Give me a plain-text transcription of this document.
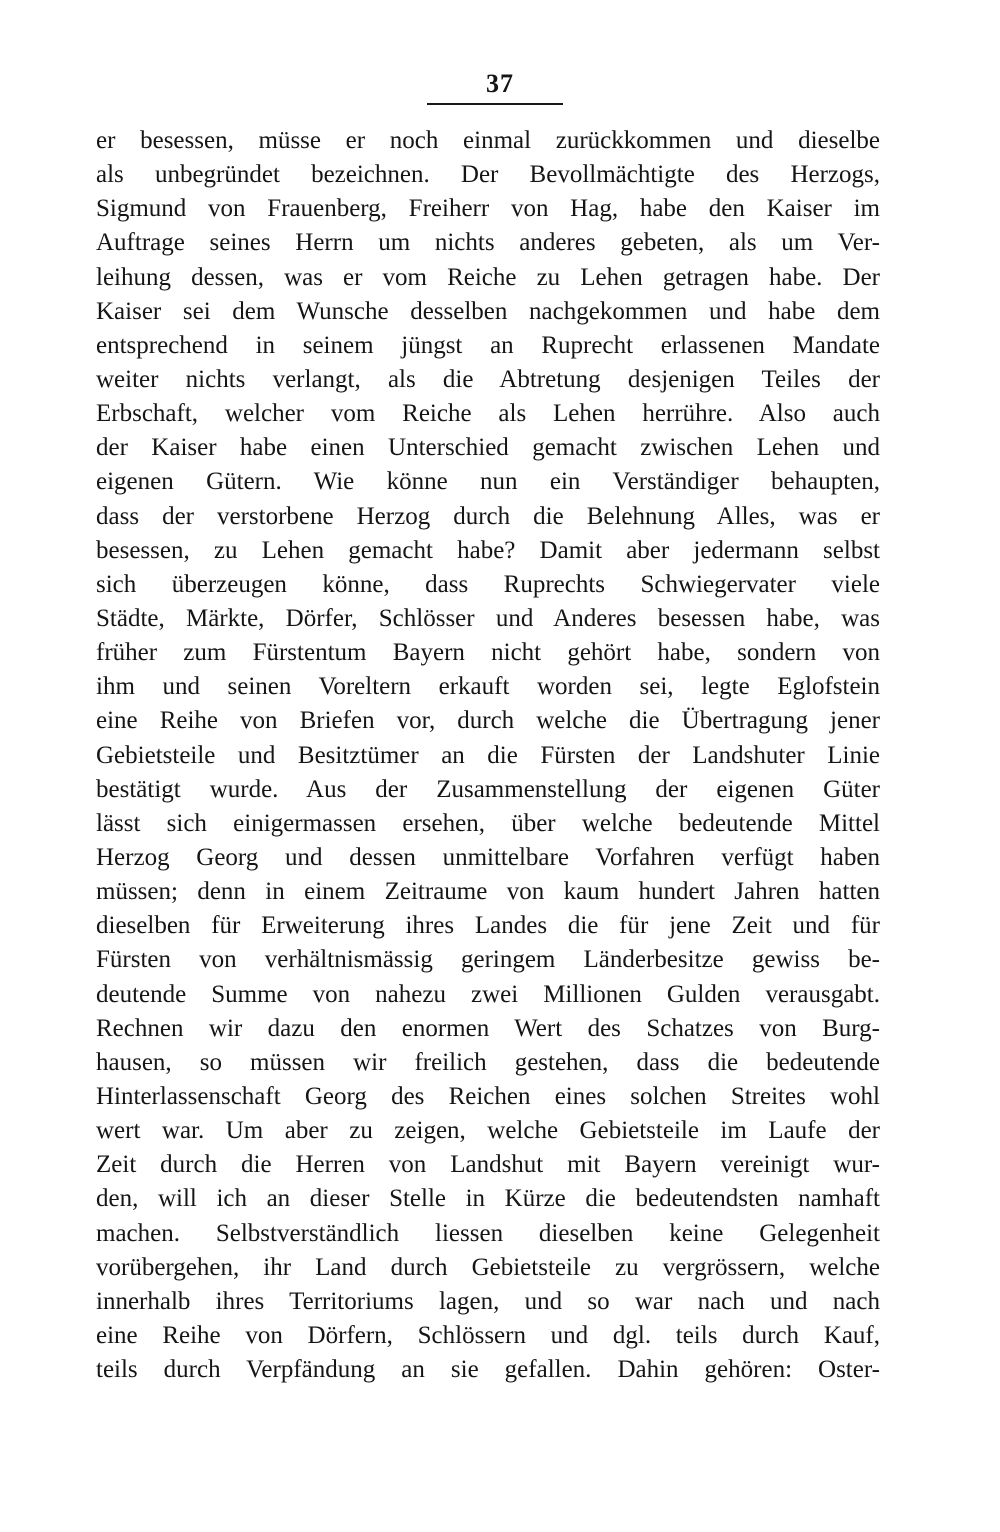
37
er besessen, müsse er noch einmal zurückkommen und dieselbe
als unbegründet bezeichnen. Der Bevollmächtigte des Herzogs,
Sigmund von Frauenberg, Freiherr von Hag, habe den Kaiser im
Auftrage seines Herrn um nichts anderes gebeten, als um Ver-
leihung dessen, was er vom Reiche zu Lehen getragen habe. Der
Kaiser sei dem Wunsche desselben nachgekommen und habe dem
entsprechend in seinem jüngst an Ruprecht erlassenen Mandate
weiter nichts verlangt, als die Abtretung desjenigen Teiles der
Erbschaft, welcher vom Reiche als Lehen herrühre. Also auch
der Kaiser habe einen Unterschied gemacht zwischen Lehen und
eigenen Gütern. Wie könne nun ein Verständiger behaupten,
dass der verstorbene Herzog durch die Belehnung Alles, was er
besessen, zu Lehen gemacht habe? Damit aber jedermann selbst
sich überzeugen könne, dass Ruprechts Schwiegervater viele
Städte, Märkte, Dörfer, Schlösser und Anderes besessen habe, was
früher zum Fürstentum Bayern nicht gehört habe, sondern von
ihm und seinen Voreltern erkauft worden sei, legte Eglofstein
eine Reihe von Briefen vor, durch welche die Übertragung jener
Gebietsteile und Besitztümer an die Fürsten der Landshuter Linie
bestätigt wurde. Aus der Zusammenstellung der eigenen Güter
lässt sich einigermassen ersehen, über welche bedeutende Mittel
Herzog Georg und dessen unmittelbare Vorfahren verfügt haben
müssen; denn in einem Zeitraume von kaum hundert Jahren hatten
dieselben für Erweiterung ihres Landes die für jene Zeit und für
Fürsten von verhältnismässig geringem Länderbesitze gewiss be-
deutende Summe von nahezu zwei Millionen Gulden verausgabt.
Rechnen wir dazu den enormen Wert des Schatzes von Burg-
hausen, so müssen wir freilich gestehen, dass die bedeutende
Hinterlassenschaft Georg des Reichen eines solchen Streites wohl
wert war. Um aber zu zeigen, welche Gebietsteile im Laufe der
Zeit durch die Herren von Landshut mit Bayern vereinigt wur-
den, will ich an dieser Stelle in Kürze die bedeutendsten namhaft
machen. Selbstverständlich liessen dieselben keine Gelegenheit
vorübergehen, ihr Land durch Gebietsteile zu vergrössern, welche
innerhalb ihres Territoriums lagen, und so war nach und nach
eine Reihe von Dörfern, Schlössern und dgl. teils durch Kauf,
teils durch Verpfändung an sie gefallen. Dahin gehören: Oster-
